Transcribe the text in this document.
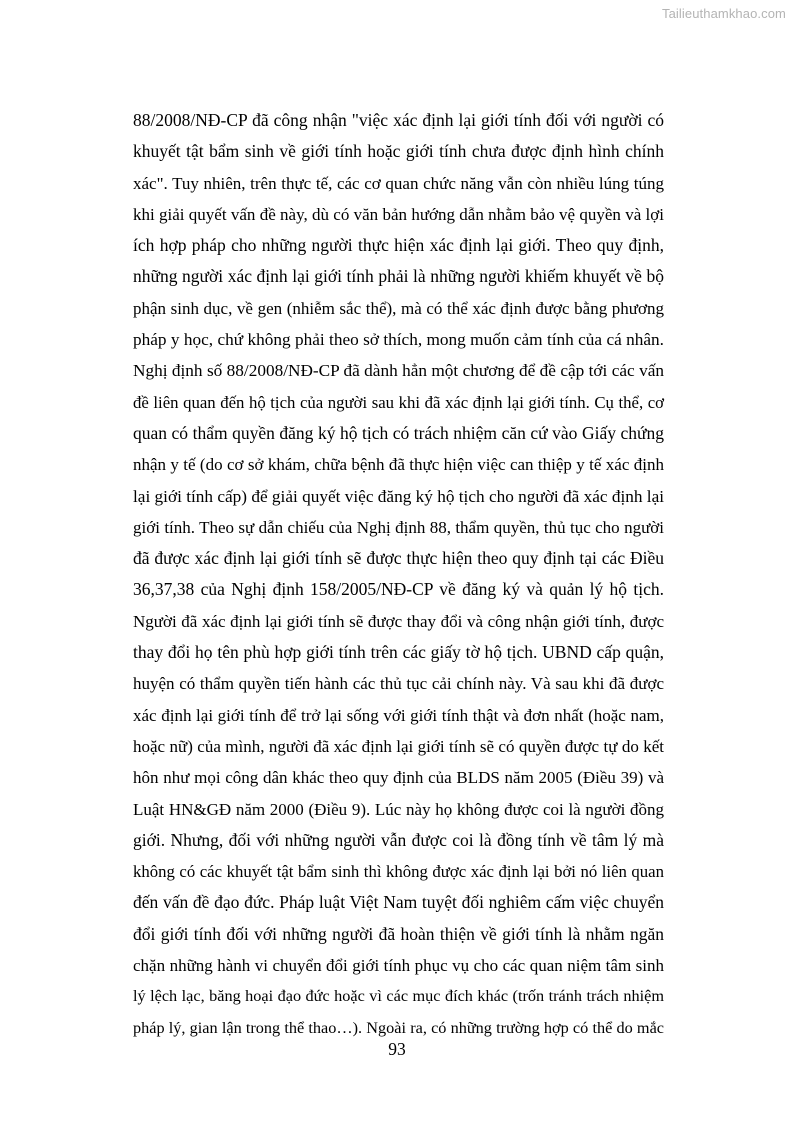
Tailieuthamkhao.com
88/2008/NĐ-CP đã công nhận "việc xác định lại giới tính đối với người có
khuyết tật bẩm sinh về giới tính hoặc giới tính chưa được định hình chính
xác". Tuy nhiên, trên thực tế, các cơ quan chức năng vẫn còn nhiều lúng túng
khi giải quyết vấn đề này, dù có văn bản hướng dẫn nhằm bảo vệ quyền và lợi
ích hợp pháp cho những người thực hiện xác định lại giới. Theo quy định,
những người xác định lại giới tính phải là những người khiếm khuyết về bộ
phận sinh dục, về gen (nhiễm sắc thể), mà có thể xác định được bằng phương
pháp y học, chứ không phải theo sở thích, mong muốn cảm tính của cá nhân.
Nghị định số 88/2008/NĐ-CP đã dành hẳn một chương để đề cập tới các vấn
đề liên quan đến hộ tịch của người sau khi đã xác định lại giới tính. Cụ thể, cơ
quan có thẩm quyền đăng ký hộ tịch có trách nhiệm căn cứ vào Giấy chứng
nhận y tế (do cơ sở khám, chữa bệnh đã thực hiện việc can thiệp y tế xác định
lại giới tính cấp) để giải quyết việc đăng ký hộ tịch cho người đã xác định lại
giới tính. Theo sự dẫn chiếu của Nghị định 88, thẩm quyền, thủ tục cho người
đã được xác định lại giới tính sẽ được thực hiện theo quy định tại các Điều
36,37,38 của Nghị định 158/2005/NĐ-CP về đăng ký và quản lý hộ tịch.
Người đã xác định lại giới tính sẽ được thay đổi và công nhận giới tính, được
thay đổi họ tên phù hợp giới tính trên các giấy tờ hộ tịch. UBND cấp quận,
huyện có thẩm quyền tiến hành các thủ tục cải chính này. Và sau khi đã được
xác định lại giới tính để trở lại sống với giới tính thật và đơn nhất (hoặc nam,
hoặc nữ) của mình, người đã xác định lại giới tính sẽ có quyền được tự do kết
hôn như mọi công dân khác theo quy định của BLDS năm 2005 (Điều 39) và
Luật HN&GĐ năm 2000 (Điều 9). Lúc này họ không được coi là người đồng
giới. Nhưng, đối với những người vẫn được coi là đồng tính về tâm lý mà
không có các khuyết tật bẩm sinh thì không được xác định lại bởi nó liên quan
đến vấn đề đạo đức. Pháp luật Việt Nam tuyệt đối nghiêm cấm việc chuyển
đổi giới tính đối với những người đã hoàn thiện về giới tính là nhằm ngăn
chặn những hành vi chuyển đổi giới tính phục vụ cho các quan niệm tâm sinh
lý lệch lạc, băng hoại đạo đức hoặc vì các mục đích khác (trốn tránh trách nhiệm
pháp lý, gian lận trong thể thao…). Ngoài ra, có những trường hợp có thể do mắc
93
